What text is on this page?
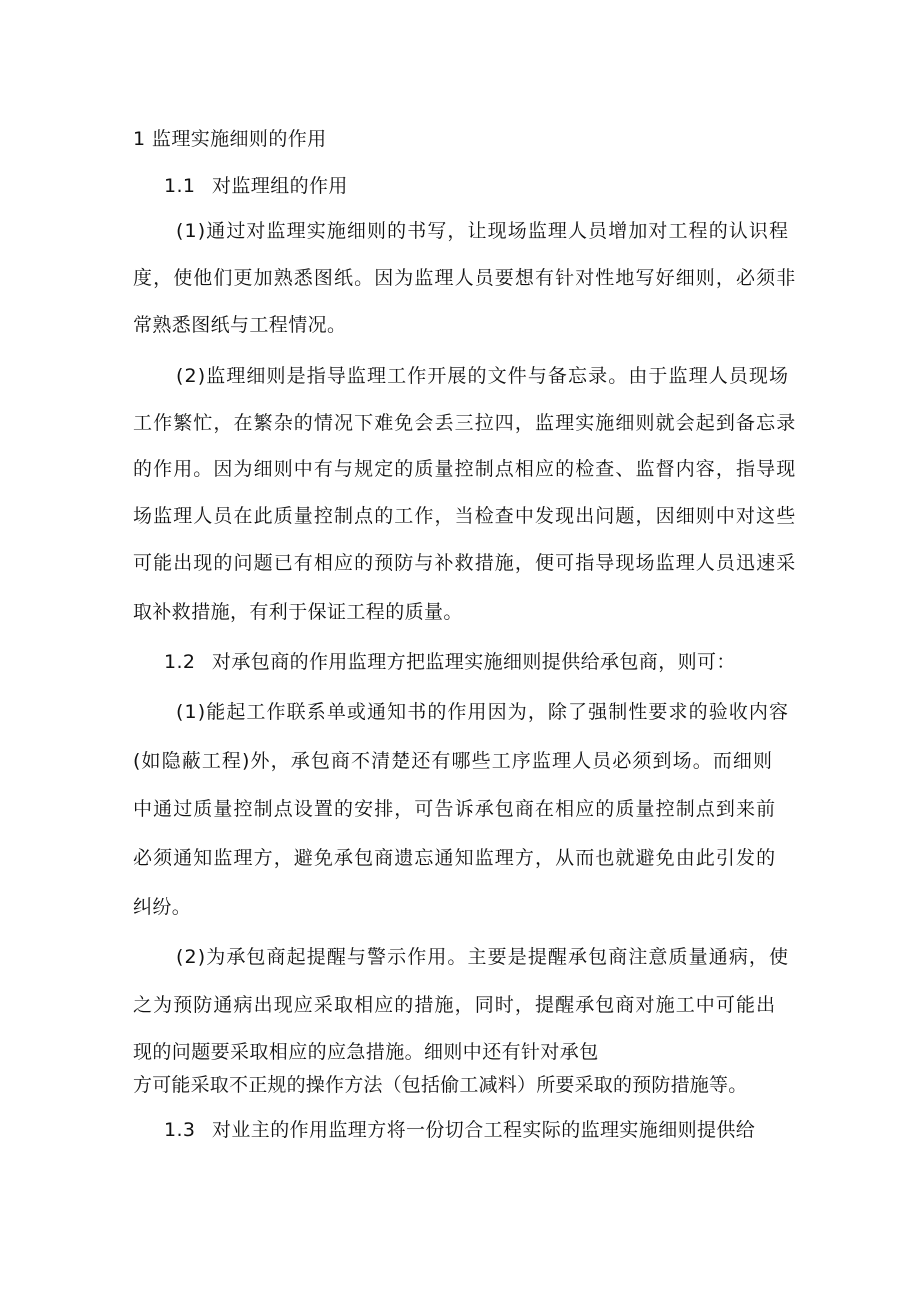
1 监理实施细则的作用
1.1 对监理组的作用
(1)通过对监理实施细则的书写，让现场监理人员增加对工程的认识程
度，使他们更加熟悉图纸。因为监理人员要想有针对性地写好细则，必须非
常熟悉图纸与工程情况。
(2)监理细则是指导监理工作开展的文件与备忘录。由于监理人员现场
工作繁忙，在繁杂的情况下难免会丢三拉四，监理实施细则就会起到备忘录
的作用。因为细则中有与规定的质量控制点相应的检查、监督内容，指导现
场监理人员在此质量控制点的工作，当检查中发现出问题，因细则中对这些
可能出现的问题已有相应的预防与补救措施，便可指导现场监理人员迅速采
取补救措施，有利于保证工程的质量。
1.2 对承包商的作用监理方把监理实施细则提供给承包商，则可：
(1)能起工作联系单或通知书的作用因为，除了强制性要求的验收内容
(如隐蔽工程)外，承包商不清楚还有哪些工序监理人员必须到场。而细则
中通过质量控制点设置的安排，可告诉承包商在相应的质量控制点到来前
必须通知监理方，避免承包商遗忘通知监理方，从而也就避免由此引发的
纠纷。
(2)为承包商起提醒与警示作用。主要是提醒承包商注意质量通病，使
之为预防通病出现应采取相应的措施，同时，提醒承包商对施工中可能出
现的问题要采取相应的应急措施。细则中还有针对承包
方可能采取不正规的操作方法（包括偷工减料）所要采取的预防措施等。
1.3 对业主的作用监理方将一份切合工程实际的监理实施细则提供给
